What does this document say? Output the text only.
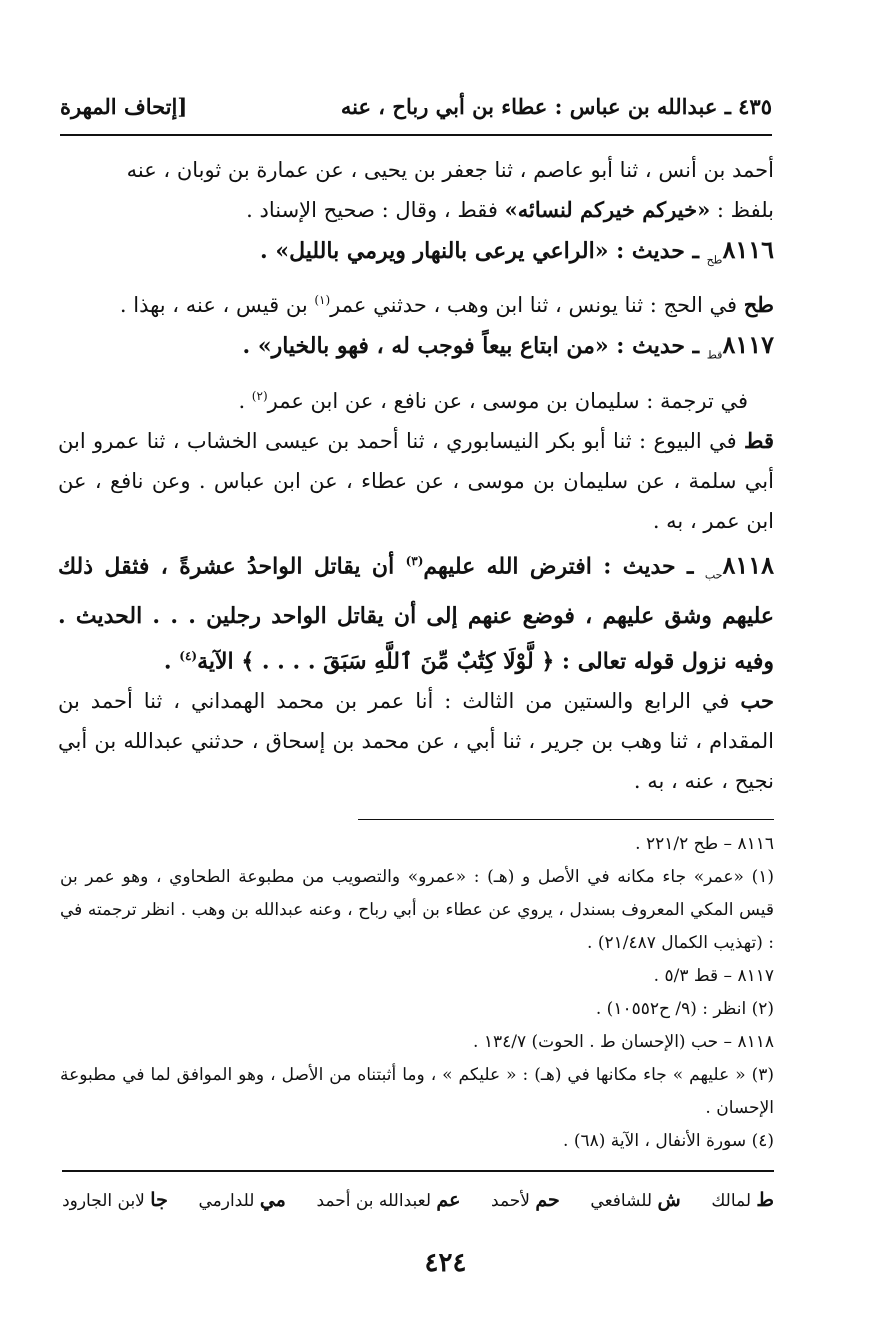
٤٣٥ ـ عبدالله بن عباس : عطاء بن أبي رباح ، عنه
[إتحاف المهرة

أحمد بن أنس ، ثنا أبو عاصم ، ثنا جعفر بن يحيى ، عن عمارة بن ثوبان ، عنه

بلفظ : «خيركم خيركم لنسائه» فقط ، وقال : صحيح الإسناد .

$٨١١٦_{طح}$ ـ حديث : «الراعي يرعى بالنهار ويرمي بالليل» .

طح في الحج : ثنا يونس ، ثنا ابن وهب ، حدثني عمر$^{(١)}$ بن قيس ، عنه ، بهذا .

$٨١١٧_{قط}$ ـ حديث : «من ابتاع بيعاً فوجب له ، فهو بالخيار» .

في ترجمة : سليمان بن موسى ، عن نافع ، عن ابن عمر$^{(٢)}$ .

قط في البيوع : ثنا أبو بكر النيسابوري ، ثنا أحمد بن عيسى الخشاب ، ثنا عمرو ابن أبي سلمة ، عن سليمان بن موسى ، عن عطاء ، عن ابن عباس . وعن نافع ، عن ابن عمر ، به .

$٨١١٨_{حب}$ ـ حديث : افترض الله عليهم$^{(٣)}$ أن يقاتل الواحدُ عشرةً ، فثقل ذلك عليهم وشق عليهم ، فوضع عنهم إلى أن يقاتل الواحد رجلين . . . الحديث . وفيه نزول قوله تعالى : ﴿ لَّوْلَا كِتَٰبٌ مِّنَ ٱللَّهِ سَبَقَ . . . . ﴾ الآية$^{(٤)}$ .

حب في الرابع والستين من الثالث : أنا عمر بن محمد الهمداني ، ثنا أحمد بن المقدام ، ثنا وهب بن جرير ، ثنا أبي ، عن محمد بن إسحاق ، حدثني عبدالله بن أبي نجيح ، عنه ، به .

٨١١٦ – طح ٢٢١/٢ .

(١) «عمر» جاء مكانه في الأصل و (هـ) : «عمرو» والتصويب من مطبوعة الطحاوي ، وهو عمر بن قيس المكي المعروف بسندل ، يروي عن عطاء بن أبي رباح ، وعنه عبدالله بن وهب . انظر ترجمته في : (تهذيب الكمال ٢١/٤٨٧) .

٨١١٧ – قط ٥/٣ .

(٢) انظر : (٩/ ح١٠٥٥٢) .

٨١١٨ – حب (الإحسان ط . الحوت) ١٣٤/٧ .

(٣) « عليهم » جاء مكانها في (هـ) : « عليكم » ، وما أثبتناه من الأصل ، وهو الموافق لما في مطبوعة الإحسان .

(٤) سورة الأنفال ، الآية (٦٨) .

ط لمالك
ش للشافعي
حم لأحمد
عم لعبدالله بن أحمد
مي للدارمي
جا لابن الجارود
٤٢٤
